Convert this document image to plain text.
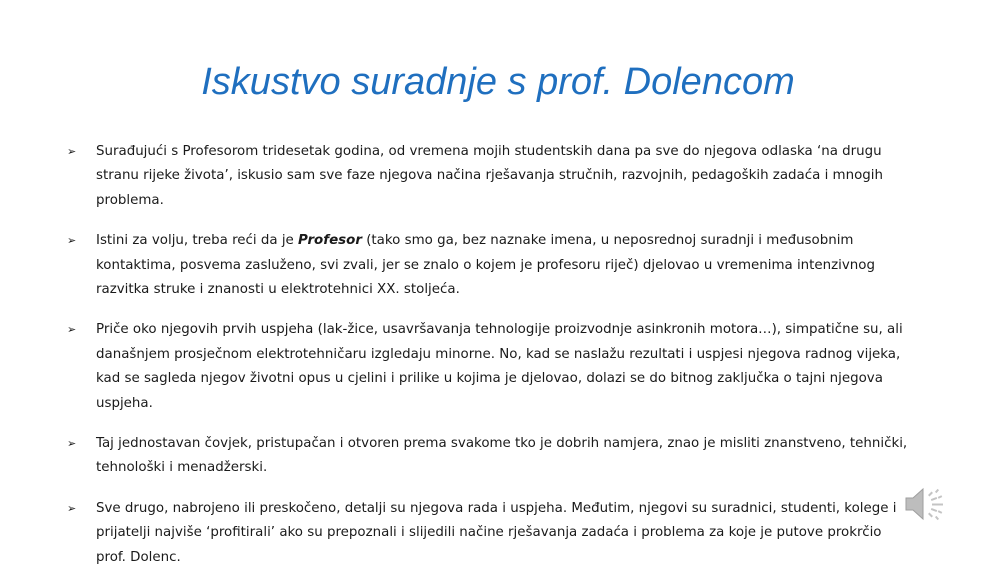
Iskustvo suradnje s prof. Dolencom
➢	Surađujući s Profesorom tridesetak godina, od vremena mojih studentskih dana pa sve do njegova odlaska ‘na drugu stranu rijeke života’, iskusio sam sve faze njegova načina rješavanja stručnih, razvojnih, pedagoških zadaća i mnogih problema.
➢	Istini za volju, treba reći da je Profesor (tako smo ga, bez naznake imena, u neposrednoj suradnji i međusobnim kontaktima, posvema zasluženo, svi zvali, jer se znalo o kojem je profesoru riječ) djelovao u vremenima intenzivnog razvitka struke i znanosti u elektrotehnici XX. stoljeća.
➢	Priče oko njegovih prvih uspjeha (lak-žice, usavršavanja tehnologije proizvodnje asinkronih motora…), simpatične su, ali današnjem prosječnom elektrotehničaru izgledaju minorne. No, kad se naslažu rezultati i uspjesi njegova radnog vijeka, kad se sagleda njegov životni opus u cjelini i prilike u kojima je djelovao, dolazi se do bitnog zaključka o tajni njegova uspjeha.
➢	Taj jednostavan čovjek, pristupačan i otvoren prema svakome tko je dobrih namjera, znao je misliti znanstveno, tehnički, tehnološki i menadžerski.
➢	Sve drugo, nabrojeno ili preskočeno, detalji su njegova rada i uspjeha. Međutim, njegovi su suradnici, studenti, kolege i prijatelji najviše ‘profitirali’ ako su prepoznali i slijedili načine rješavanja zadaća i problema za koje je putove prokrčio prof. Dolenc.
